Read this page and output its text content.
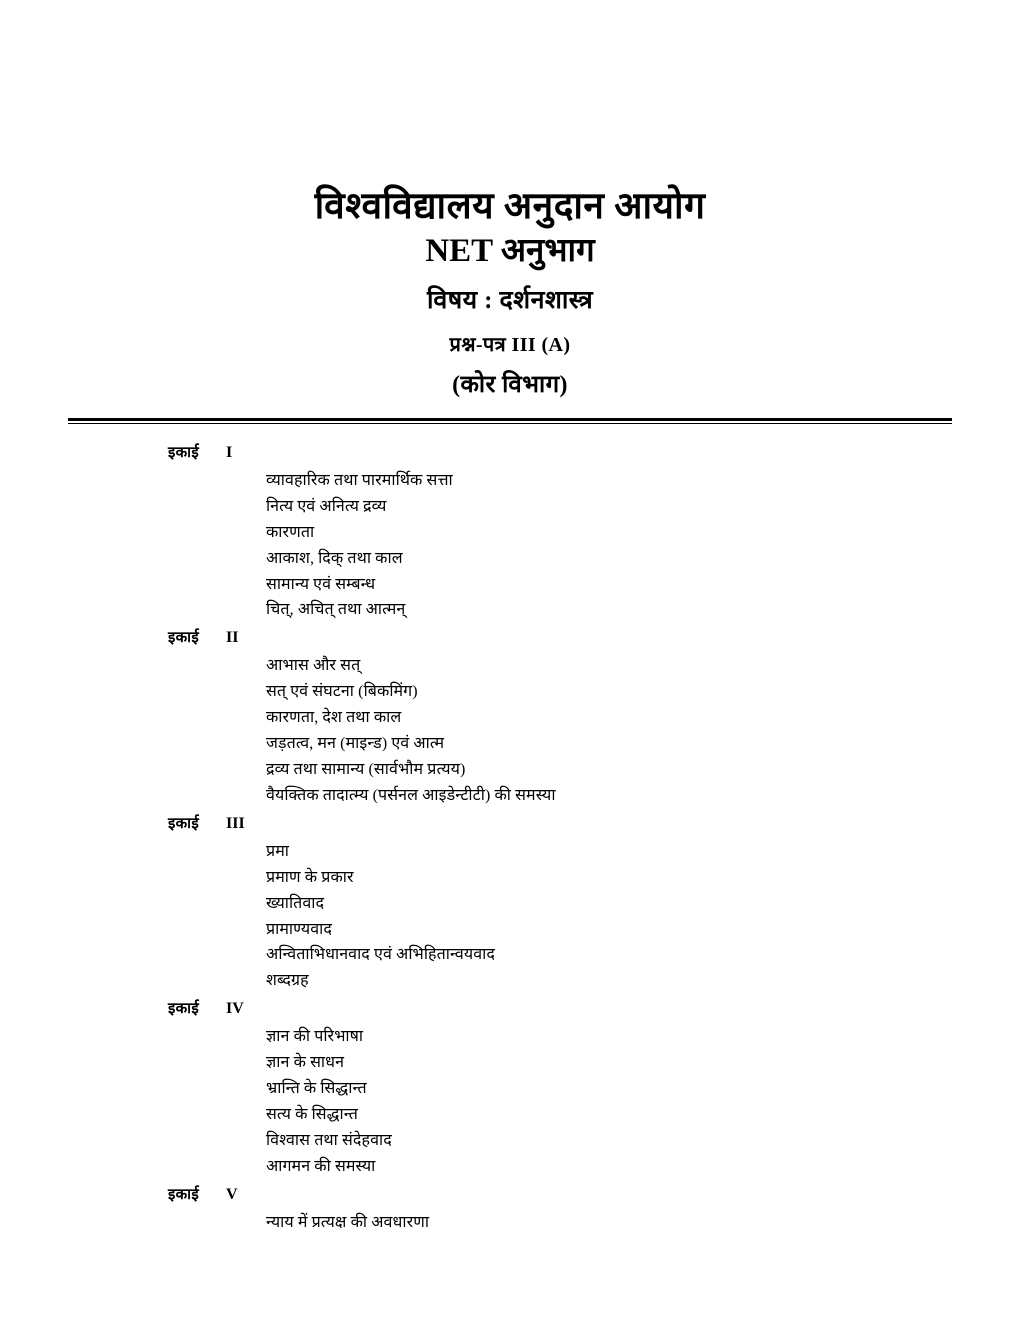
विश्वविद्यालय अनुदान आयोग
NET अनुभाग
विषय : दर्शनशास्त्र
प्रश्न-पत्र III (A)
(कोर विभाग)
इकाई	I
व्यावहारिक तथा पारमार्थिक सत्ता
नित्य एवं अनित्य द्रव्य
कारणता
आकाश, दिक् तथा काल
सामान्य एवं सम्बन्ध
चित्, अचित् तथा आत्मन्
इकाई	II
आभास और सत्
सत् एवं संघटना (बिकमिंग)
कारणता, देश तथा काल
जड़तत्व, मन (माइन्ड) एवं आत्म
द्रव्य तथा सामान्य (सार्वभौम प्रत्यय)
वैयक्तिक तादात्म्य (पर्सनल आइडेन्टीटी) की समस्या
इकाई	III
प्रमा
प्रमाण के प्रकार
ख्यातिवाद
प्रामाण्यवाद
अन्विताभिधानवाद एवं अभिहितान्वयवाद
शब्दग्रह
इकाई	IV
ज्ञान की परिभाषा
ज्ञान के साधन
भ्रान्ति के सिद्धान्त
सत्य के सिद्धान्त
विश्वास तथा संदेहवाद
आगमन की समस्या
इकाई	V
न्याय में प्रत्यक्ष की अवधारणा
